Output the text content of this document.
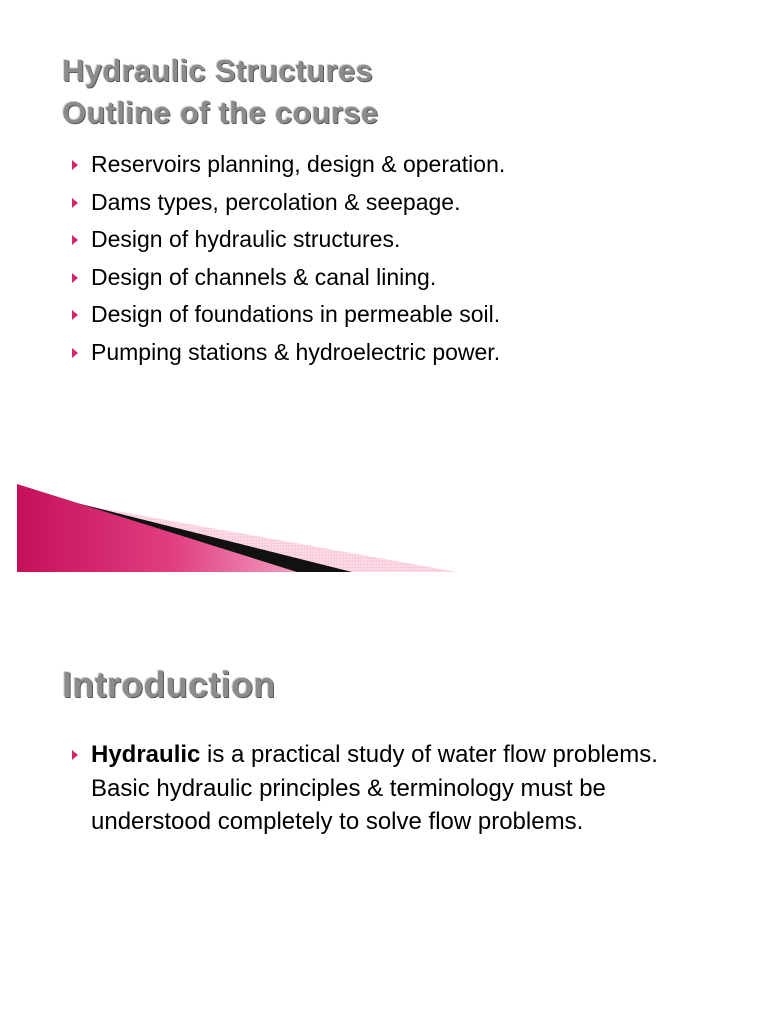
Hydraulic Structures
Outline of the course
Reservoirs planning, design & operation.
Dams types, percolation & seepage.
Design of hydraulic structures.
Design of channels & canal lining.
Design of foundations in permeable soil.
Pumping stations & hydroelectric power.
Introduction
Hydraulic is a practical study of water flow problems. Basic hydraulic principles & terminology must be understood completely to solve flow problems.
